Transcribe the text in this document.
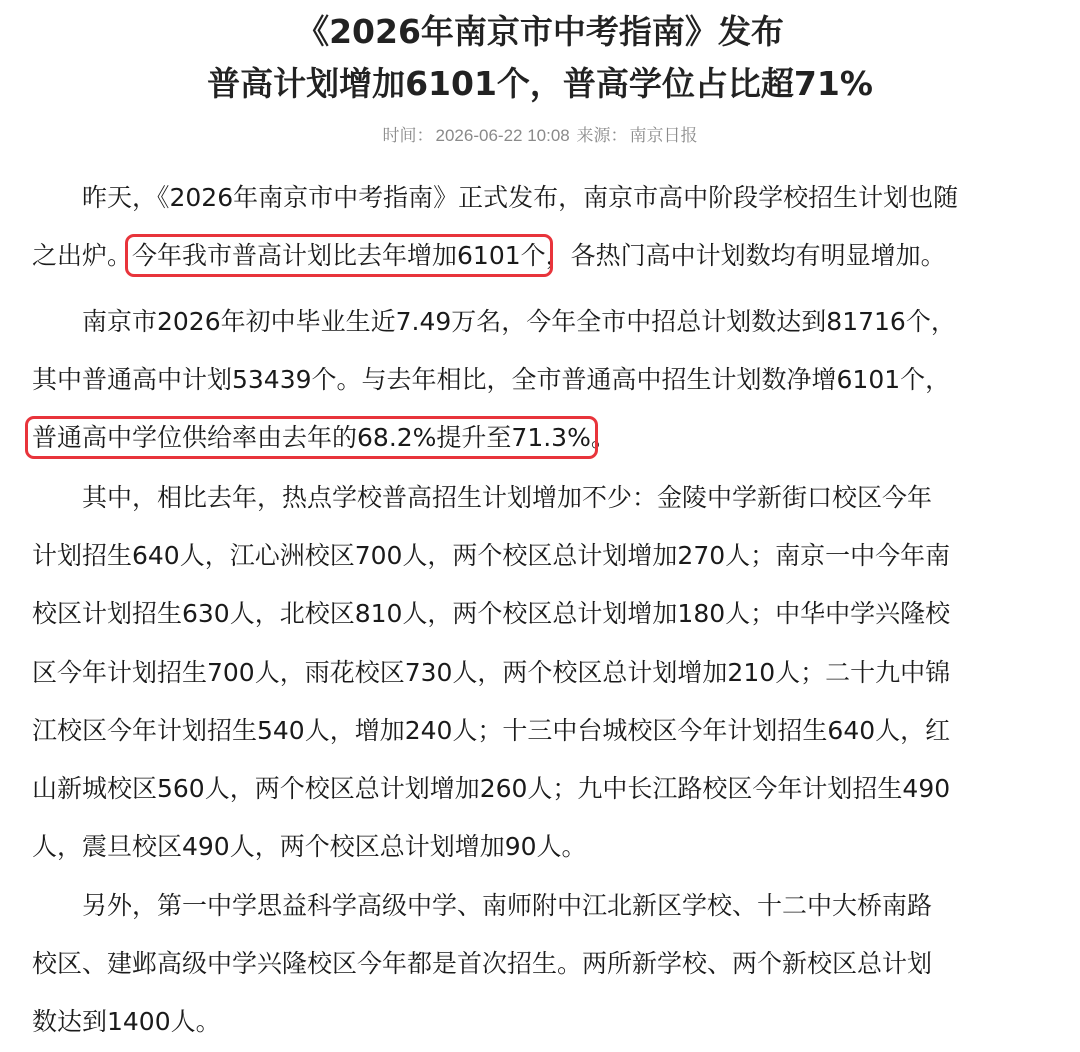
《2026年南京市中考指南》发布
普高计划增加6101个，普高学位占比超71%
时间： 2026-06-22 10:08 来源： 南京日报
昨天，《2026年南京市中考指南》正式发布，南京市高中阶段学校招生计划也随
之出炉。今年我市普高计划比去年增加6101个，各热门高中计划数均有明显增加。
南京市2026年初中毕业生近7.49万名，今年全市中招总计划数达到81716个，
其中普通高中计划53439个。与去年相比，全市普通高中招生计划数净增6101个，
普通高中学位供给率由去年的68.2%提升至71.3%。
其中，相比去年，热点学校普高招生计划增加不少：金陵中学新街口校区今年
计划招生640人，江心洲校区700人，两个校区总计划增加270人；南京一中今年南
校区计划招生630人，北校区810人，两个校区总计划增加180人；中华中学兴隆校
区今年计划招生700人，雨花校区730人，两个校区总计划增加210人；二十九中锦
江校区今年计划招生540人，增加240人；十三中台城校区今年计划招生640人，红
山新城校区560人，两个校区总计划增加260人；九中长江路校区今年计划招生490
人，震旦校区490人，两个校区总计划增加90人。
另外，第一中学思益科学高级中学、南师附中江北新区学校、十二中大桥南路
校区、建邺高级中学兴隆校区今年都是首次招生。两所新学校、两个新校区总计划
数达到1400人。
